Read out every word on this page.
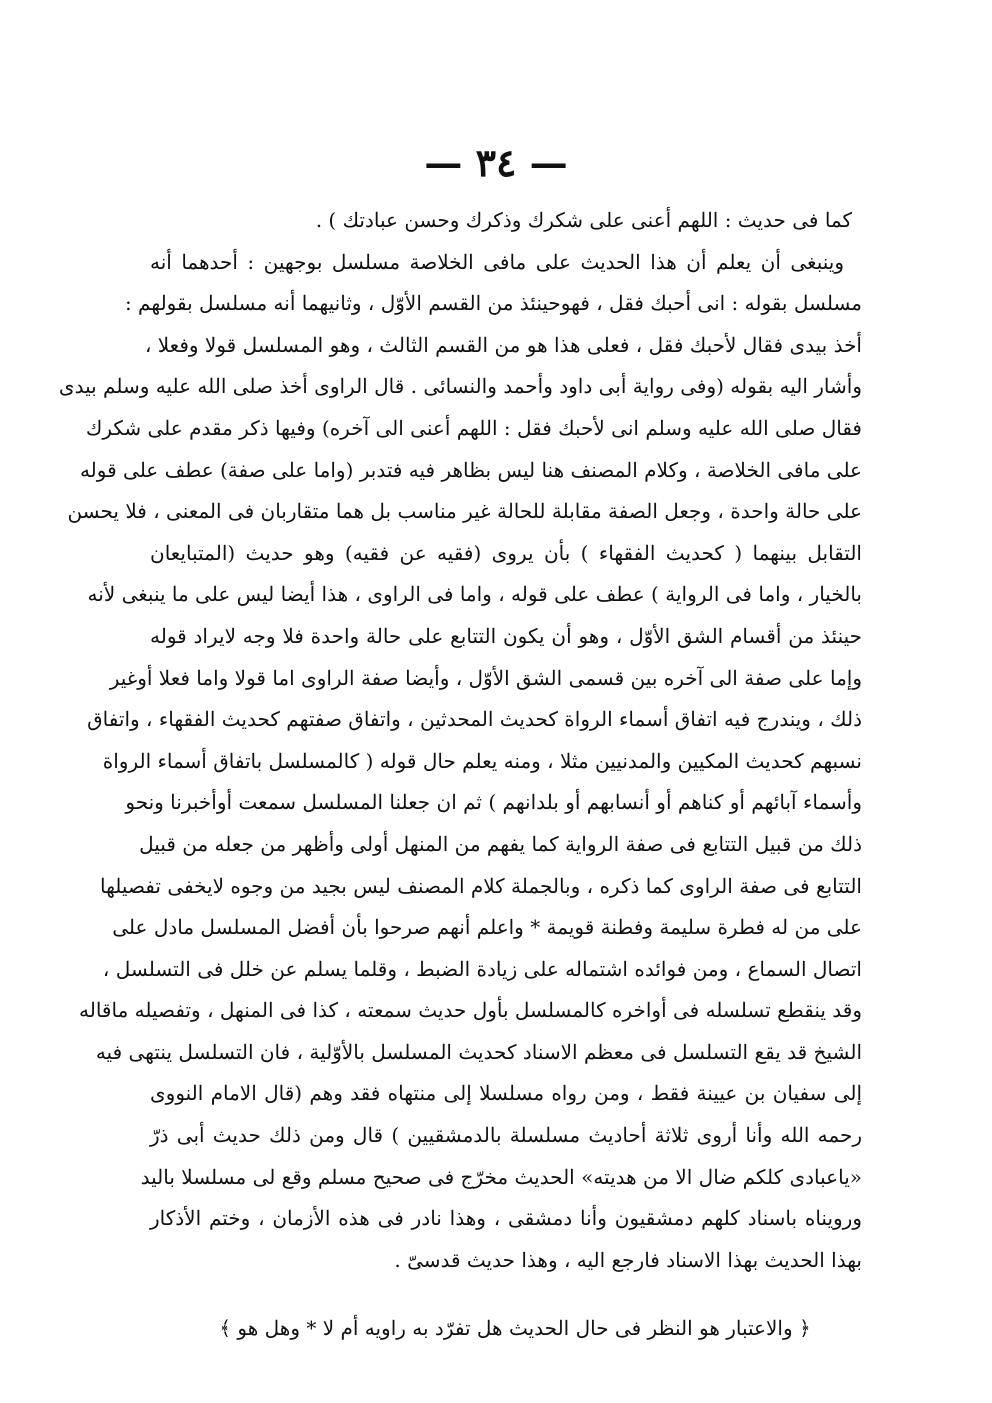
— ٣٤ —
كما فى حديث : اللهم أعنى على شكرك وذكرك وحسن عبادتك ) .
وينبغى أن يعلم أن هذا الحديث على مافى الخلاصة مسلسل بوجهين : أحدهما أنه
مسلسل بقوله : انى أحبك فقل ، فهوحينئذ من القسم الأوّل ، وثانيهما أنه مسلسل بقولهم :
أخذ بيدى فقال لأحبك فقل ، فعلى هذا هو من القسم الثالث ، وهو المسلسل قولا وفعلا ،
وأشار اليه بقوله (وفى رواية أبى داود وأحمد والنسائى . قال الراوى أخذ صلى الله عليه وسلم بيدى
فقال صلى الله عليه وسلم انى لأحبك فقل : اللهم أعنى الى آخره) وفيها ذكر مقدم على شكرك
على مافى الخلاصة ، وكلام المصنف هنا ليس بظاهر فيه فتدبر (واما على صفة) عطف على قوله
على حالة واحدة ، وجعل الصفة مقابلة للحالة غير مناسب بل هما متقاربان فى المعنى ، فلا يحسن
التقابل بينهما ( كحديث الفقهاء ) بأن يروى (فقيه عن فقيه) وهو حديث (المتبايعان
بالخيار ، واما فى الرواية ) عطف على قوله ، واما فى الراوى ، هذا أيضا ليس على ما ينبغى لأنه
حينئذ من أقسام الشق الأوّل ، وهو أن يكون التتابع على حالة واحدة فلا وجه لايراد قوله
وإما على صفة الى آخره بين قسمى الشق الأوّل ، وأيضا صفة الراوى اما قولا واما فعلا أوغير
ذلك ، ويندرج فيه اتفاق أسماء الرواة كحديث المحدثين ، واتفاق صفتهم كحديث الفقهاء ، واتفاق
نسبهم كحديث المكيين والمدنيين مثلا ، ومنه يعلم حال قوله ( كالمسلسل باتفاق أسماء الرواة
وأسماء آبائهم أو كناهم أو أنسابهم أو بلدانهم ) ثم ان جعلنا المسلسل سمعت أوأخبرنا ونحو
ذلك من قبيل التتابع فى صفة الرواية كما يفهم من المنهل أولى وأظهر من جعله من قبيل
التتابع فى صفة الراوى كما ذكره ، وبالجملة كلام المصنف ليس بجيد من وجوه لايخفى تفصيلها
على من له فطرة سليمة وفطنة قويمة * واعلم أنهم صرحوا بأن أفضل المسلسل مادل على
اتصال السماع ، ومن فوائده اشتماله على زيادة الضبط ، وقلما يسلم عن خلل فى التسلسل ،
وقد ينقطع تسلسله فى أواخره كالمسلسل بأول حديث سمعته ، كذا فى المنهل ، وتفصيله ماقاله
الشيخ قد يقع التسلسل فى معظم الاسناد كحديث المسلسل بالأوّلية ، فان التسلسل ينتهى فيه
إلى سفيان بن عيينة فقط ، ومن رواه مسلسلا إلى منتهاه فقد وهم (قال الامام النووى
رحمه الله وأنا أروى ثلاثة أحاديث مسلسلة بالدمشقيين ) قال ومن ذلك حديث أبى ذرّ
«ياعبادى كلكم ضال الا من هديته» الحديث مخرّج فى صحيح مسلم وقع لى مسلسلا باليد
ورويناه باسناد كلهم دمشقيون وأنا دمشقى ، وهذا نادر فى هذه الأزمان ، وختم الأذكار
بهذا الحديث بهذا الاسناد فارجع اليه ، وهذا حديث قدسىّ .
﴿ والاعتبار هو النظر فى حال الحديث هل تفرّد به راويه أم لا * وهل هو ﴾
